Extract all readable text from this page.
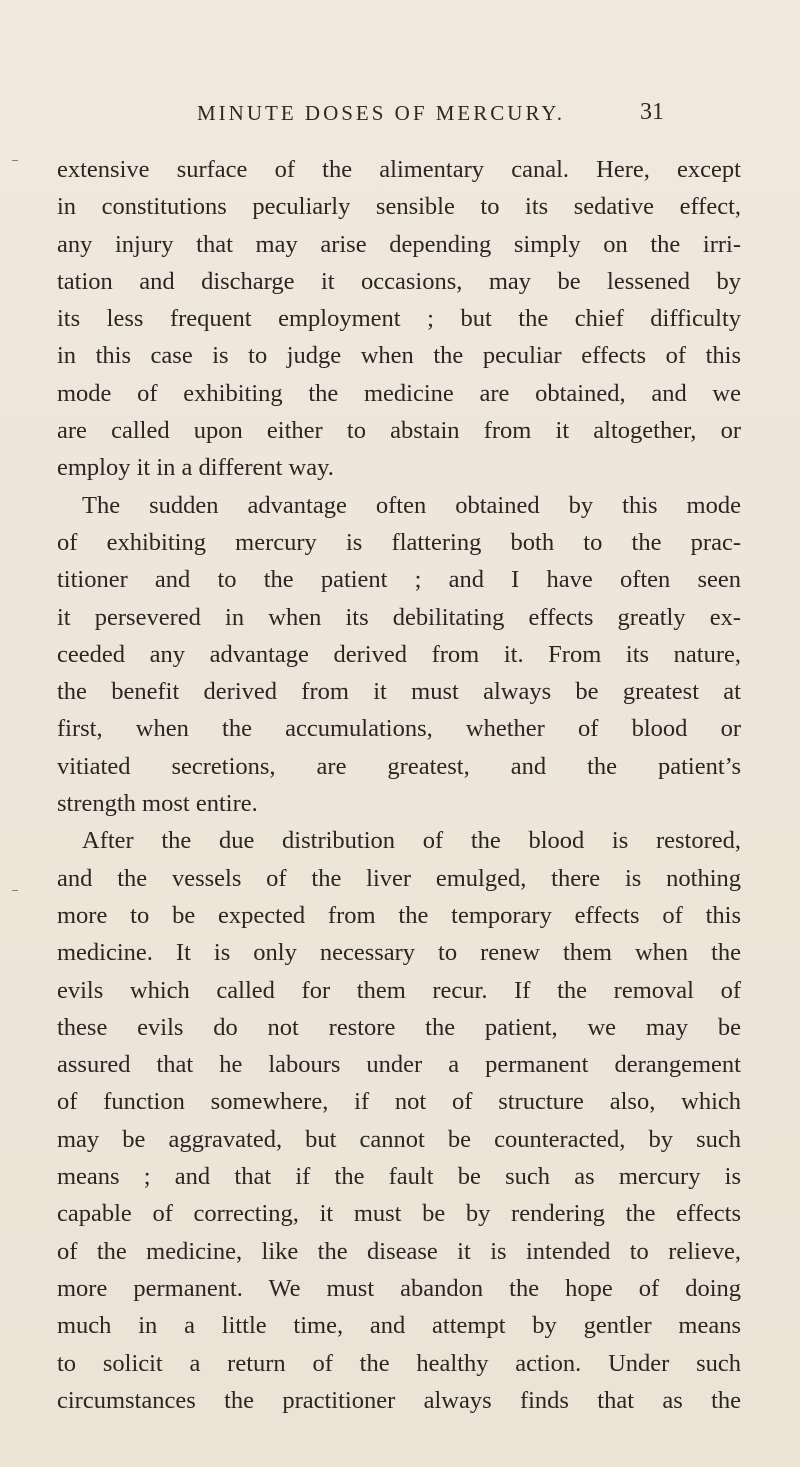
MINUTE DOSES OF MERCURY.	31
extensive surface of the alimentary canal. Here, except
in constitutions peculiarly sensible to its sedative effect,
any injury that may arise depending simply on the irri-
tation and discharge it occasions, may be lessened by
its less frequent employment ; but the chief difficulty
in this case is to judge when the peculiar effects of this
mode of exhibiting the medicine are obtained, and we
are called upon either to abstain from it altogether, or
employ it in a different way.
The sudden advantage often obtained by this mode
of exhibiting mercury is flattering both to the prac-
titioner and to the patient ; and I have often seen
it persevered in when its debilitating effects greatly ex-
ceeded any advantage derived from it. From its nature,
the benefit derived from it must always be greatest at
first, when the accumulations, whether of blood or
vitiated secretions, are greatest, and the patient’s
strength most entire.
After the due distribution of the blood is restored,
and the vessels of the liver emulged, there is nothing
more to be expected from the temporary effects of this
medicine. It is only necessary to renew them when the
evils which called for them recur. If the removal of
these evils do not restore the patient, we may be
assured that he labours under a permanent derangement
of function somewhere, if not of structure also, which
may be aggravated, but cannot be counteracted, by such
means ; and that if the fault be such as mercury is
capable of correcting, it must be by rendering the effects
of the medicine, like the disease it is intended to relieve,
more permanent. We must abandon the hope of doing
much in a little time, and attempt by gentler means
to solicit a return of the healthy action. Under such
circumstances the practitioner always finds that as the
